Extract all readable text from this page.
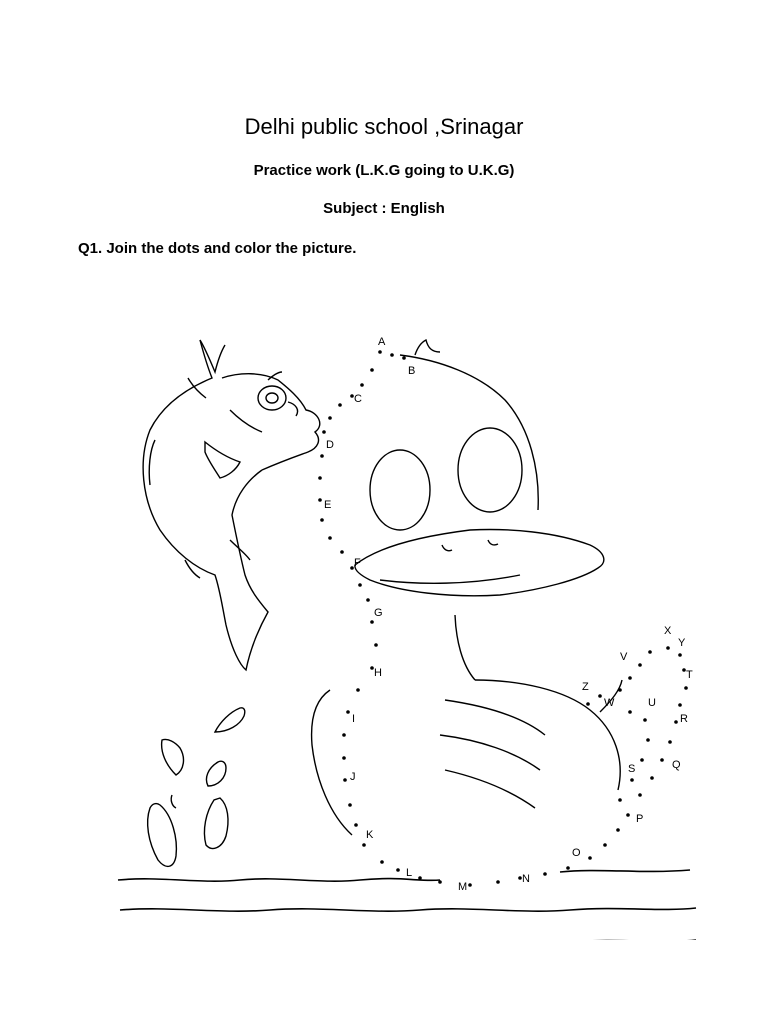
Delhi public school ,Srinagar
Practice work (L.K.G going to U.K.G)
Subject : English
Q1. Join the dots and color the picture.
A
B
C
D
E
F
G
H
I
J
K
L
M
N
O
P
Q
R
S
T
U
V
W
X
Y
Z
